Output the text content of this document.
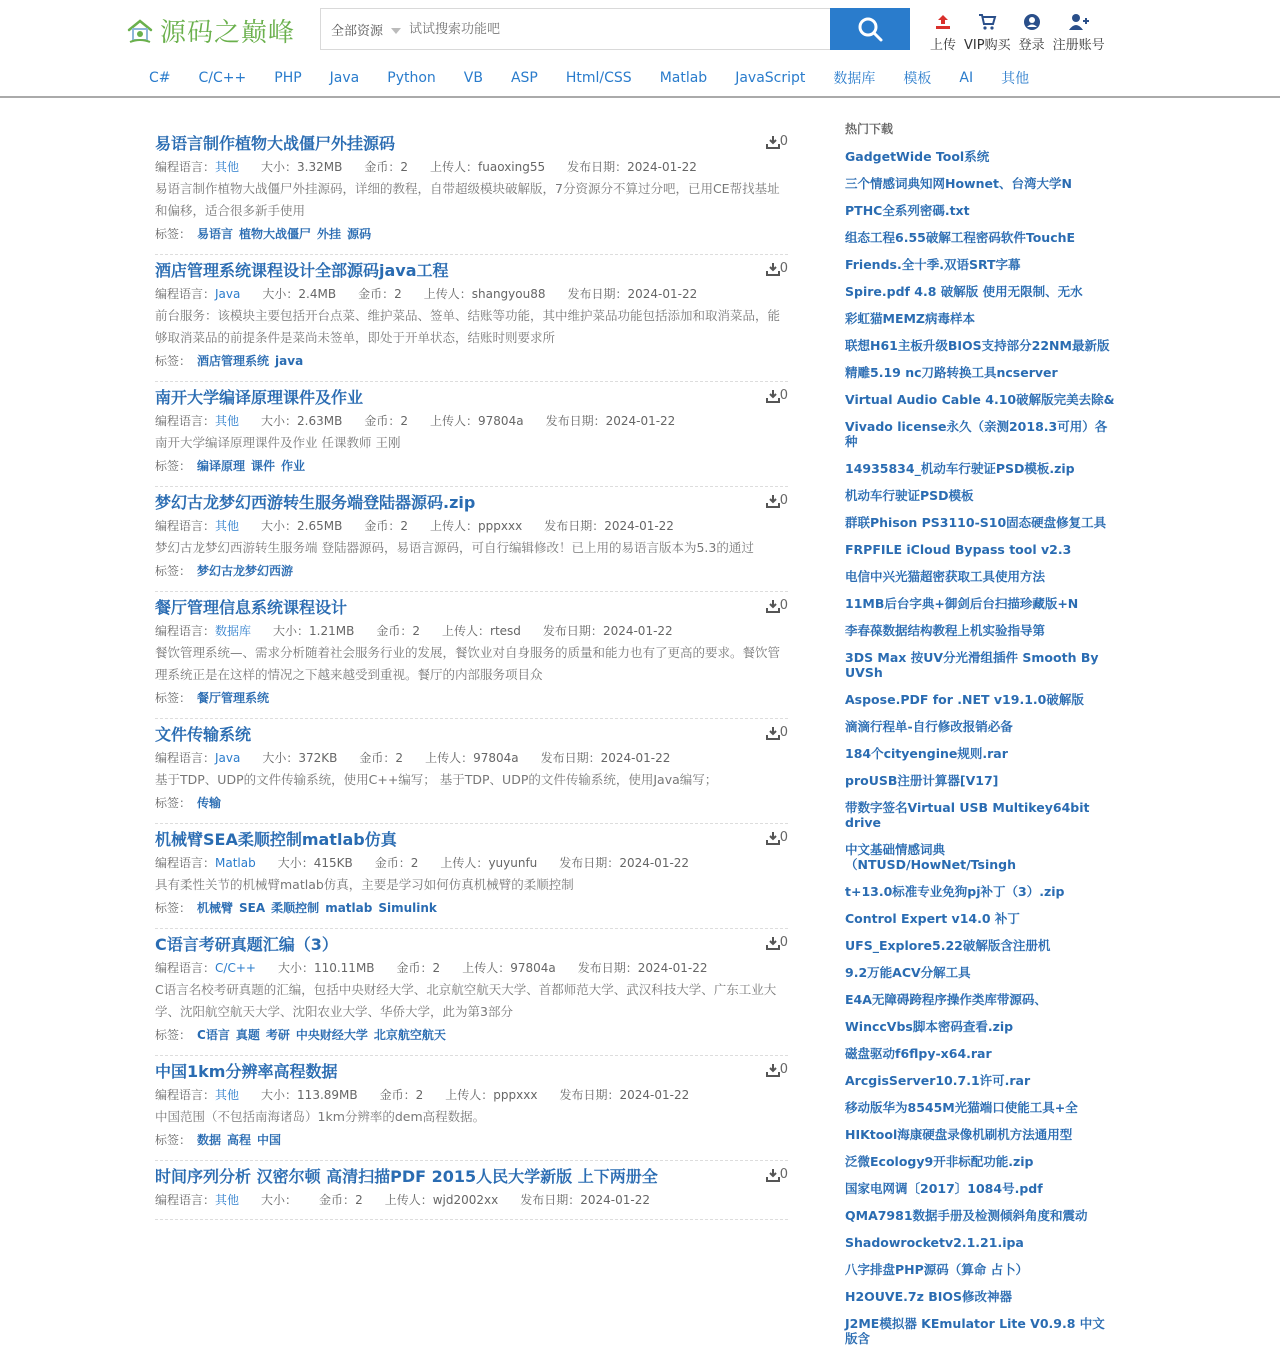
源码之巅峰	全部资源
试试搜索功能吧
上传 VIP购买 登录 注册账号
C# C/C++ PHP Java Python VB ASP Html/CSS Matlab JavaScript 数据库 模板 AI 其他
易语言制作植物大战僵尸外挂源码	0
编程语言：其他 大小：3.32MB 金币：2 上传人：fuaoxing55 发布日期：2024-01-22
易语言制作植物大战僵尸外挂源码，详细的教程，自带超级模块破解版，7分资源分不算过分吧，已用CE帮找基址和偏移，适合很多新手使用
标签： 易语言 植物大战僵尸 外挂 源码
酒店管理系统课程设计全部源码java工程	0
编程语言：Java 大小：2.4MB 金币：2 上传人：shangyou88 发布日期：2024-01-22
前台服务：该模块主要包括开台点菜、维护菜品、签单、结账等功能，其中维护菜品功能包括添加和取消菜品，能够取消菜品的前提条件是菜尚未签单，即处于开单状态，结账时则要求所
标签： 酒店管理系统 java
南开大学编译原理课件及作业	0
编程语言：其他 大小：2.63MB 金币：2 上传人：97804a 发布日期：2024-01-22
南开大学编译原理课件及作业 任课教师 王刚
标签： 编译原理 课件 作业
梦幻古龙梦幻西游转生服务端登陆器源码.zip	0
编程语言：其他 大小：2.65MB 金币：2 上传人：pppxxx 发布日期：2024-01-22
梦幻古龙梦幻西游转生服务端 登陆器源码，易语言源码，可自行编辑修改！已上用的易语言版本为5.3的通过
标签： 梦幻古龙梦幻西游
餐厅管理信息系统课程设计	0
编程语言：数据库 大小：1.21MB 金币：2 上传人：rtesd 发布日期：2024-01-22
餐饮管理系统—、需求分析随着社会服务行业的发展，餐饮业对自身服务的质量和能力也有了更高的要求。餐饮管理系统正是在这样的情况之下越来越受到重视。餐厅的内部服务项目众
标签： 餐厅管理系统
文件传输系统	0
编程语言：Java 大小：372KB 金币：2 上传人：97804a 发布日期：2024-01-22
基于TDP、UDP的文件传输系统，使用C++编写； 基于TDP、UDP的文件传输系统，使用Java编写；
标签： 传输
机械臂SEA柔顺控制matlab仿真	0
编程语言：Matlab 大小：415KB 金币：2 上传人：yuyunfu 发布日期：2024-01-22
具有柔性关节的机械臂matlab仿真，主要是学习如何仿真机械臂的柔顺控制
标签： 机械臂 SEA 柔顺控制 matlab Simulink
C语言考研真题汇编（3）	0
编程语言：C/C++ 大小：110.11MB 金币：2 上传人：97804a 发布日期：2024-01-22
C语言名校考研真题的汇编，包括中央财经大学、北京航空航天大学、首都师范大学、武汉科技大学、广东工业大学、沈阳航空航天大学、沈阳农业大学、华侨大学，此为第3部分
标签： C语言 真题 考研 中央财经大学 北京航空航天
中国1km分辨率高程数据	0
编程语言：其他 大小：113.89MB 金币：2 上传人：pppxxx 发布日期：2024-01-22
中国范围（不包括南海诸岛）1km分辨率的dem高程数据。
标签： 数据 高程 中国
时间序列分析 汉密尔顿 高清扫描PDF 2015人民大学新版 上下两册全	0
编程语言：其他 大小： 金币：2 上传人：wjd2002xx 发布日期：2024-01-22
热门下载
GadgetWide Tool系统
三个情感词典知网Hownet、台湾大学N
PTHC全系列密碼.txt
组态工程6.55破解工程密码软件TouchE
Friends.全十季.双语SRT字幕
Spire.pdf 4.8 破解版 使用无限制、无水
彩虹猫MEMZ病毒样本
联想H61主板升级BIOS支持部分22NM最新版
精雕5.19 nc刀路转换工具ncserver
Virtual Audio Cable 4.10破解版完美去除&
Vivado license永久（亲测2018.3可用）各种
14935834_机动车行驶证PSD模板.zip
机动车行驶证PSD模板
群联Phison PS3110-S10固态硬盘修复工具
FRPFILE iCloud Bypass tool v2.3
电信中兴光猫超密获取工具使用方法
11MB后台字典+御剑后台扫描珍藏版+N
李春葆数据结构教程上机实验指导第
3DS Max 按UV分光滑组插件 Smooth By UVSh
Aspose.PDF for .NET v19.1.0破解版
滴滴行程单-自行修改报销必备
184个cityengine规则.rar
proUSB注册计算器[V17]
带数字签名Virtual USB Multikey64bit drive
中文基础情感词典（NTUSD/HowNet/Tsingh
t+13.0标准专业免狗pj补丁（3）.zip
Control Expert v14.0 补丁
UFS_Explore5.22破解版含注册机
9.2万能ACV分解工具
E4A无障碍跨程序操作类库带源码、
WinccVbs脚本密码查看.zip
磁盘驱动f6flpy-x64.rar
ArcgisServer10.7.1许可.rar
移动版华为8545M光猫端口使能工具+全
HIKtool海康硬盘录像机刷机方法通用型
泛微Ecology9开非标配功能.zip
国家电网调〔2017〕1084号.pdf
QMA7981数据手册及检测倾斜角度和震动
Shadowrocketv2.1.21.ipa
八字排盘PHP源码（算命 占卜）
H2OUVE.7z BIOS修改神器
J2ME模拟器 KEmulator Lite V0.9.8 中文版含
